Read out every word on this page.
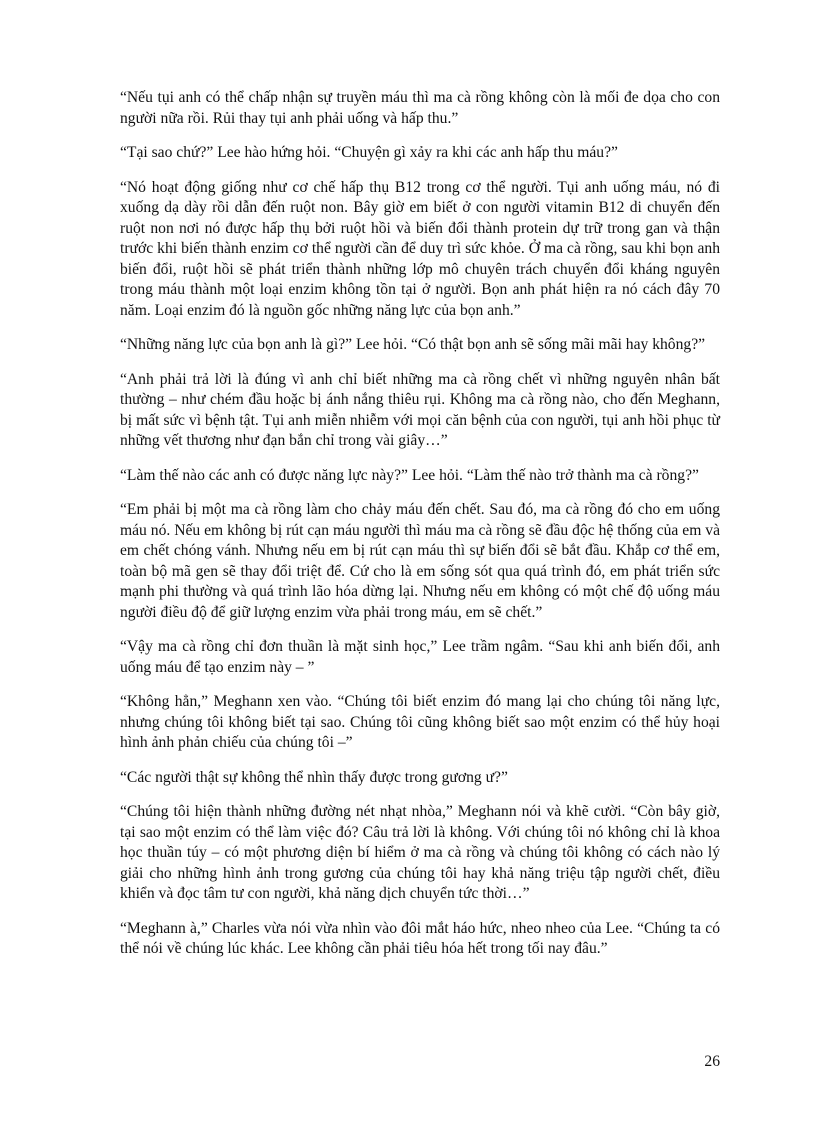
“Nếu tụi anh có thể chấp nhận sự truyền máu thì ma cà rồng không còn là mối đe dọa cho con người nữa rồi. Rủi thay tụi anh phải uống và hấp thu.”

“Tại sao chứ?” Lee hào hứng hỏi. “Chuyện gì xảy ra khi các anh hấp thu máu?”

“Nó hoạt động giống như cơ chế hấp thụ B12 trong cơ thể người. Tụi anh uống máu, nó đi xuống dạ dày rồi dẫn đến ruột non. Bây giờ em biết ở con người vitamin B12 di chuyển đến ruột non nơi nó được hấp thụ bởi ruột hồi và biến đổi thành protein dự trữ trong gan và thận trước khi biến thành enzim cơ thể người cần để duy trì sức khỏe. Ở ma cà rồng, sau khi bọn anh biến đổi, ruột hồi sẽ phát triển thành những lớp mô chuyên trách chuyển đổi kháng nguyên trong máu thành một loại enzim không tồn tại ở người. Bọn anh phát hiện ra nó cách đây 70 năm. Loại enzim đó là nguồn gốc những năng lực của bọn anh.”

“Những năng lực của bọn anh là gì?” Lee hỏi. “Có thật bọn anh sẽ sống mãi mãi hay không?”

“Anh phải trả lời là đúng vì anh chỉ biết những ma cà rồng chết vì những nguyên nhân bất thường – như chém đầu hoặc bị ánh nắng thiêu rụi. Không ma cà rồng nào, cho đến Meghann, bị mất sức vì bệnh tật. Tụi anh miễn nhiễm với mọi căn bệnh của con người, tụi anh hồi phục từ những vết thương như đạn bắn chỉ trong vài giây…”

“Làm thế nào các anh có được năng lực này?” Lee hỏi. “Làm thế nào trở thành ma cà rồng?”

“Em phải bị một ma cà rồng làm cho chảy máu đến chết. Sau đó, ma cà rồng đó cho em uống máu nó. Nếu em không bị rút cạn máu người thì máu ma cà rồng sẽ đầu độc hệ thống của em và em chết chóng vánh. Nhưng nếu em bị rút cạn máu thì sự biến đổi sẽ bắt đầu. Khắp cơ thể em, toàn bộ mã gen sẽ thay đổi triệt để. Cứ cho là em sống sót qua quá trình đó, em phát triển sức mạnh phi thường và quá trình lão hóa dừng lại. Nhưng nếu em không có một chế độ uống máu người điều độ để giữ lượng enzim vừa phải trong máu, em sẽ chết.”

“Vậy ma cà rồng chỉ đơn thuần là mặt sinh học,” Lee trầm ngâm. “Sau khi anh biến đổi, anh uống máu để tạo enzim này – ”

“Không hẳn,” Meghann xen vào. “Chúng tôi biết enzim đó mang lại cho chúng tôi năng lực, nhưng chúng tôi không biết tại sao. Chúng tôi cũng không biết sao một enzim có thể hủy hoại hình ảnh phản chiếu của chúng tôi –”

“Các người thật sự không thể nhìn thấy được trong gương ư?”

“Chúng tôi hiện thành những đường nét nhạt nhòa,” Meghann nói và khẽ cười. “Còn bây giờ, tại sao một enzim có thể làm việc đó? Câu trả lời là không. Với chúng tôi nó không chỉ là khoa học thuần túy – có một phương diện bí hiểm ở ma cà rồng và chúng tôi không có cách nào lý giải cho những hình ảnh trong gương của chúng tôi hay khả năng triệu tập người chết, điều khiển và đọc tâm tư con người, khả năng dịch chuyển tức thời…”

“Meghann à,” Charles vừa nói vừa nhìn vào đôi mắt háo hức, nheo nheo của Lee. “Chúng ta có thể nói về chúng lúc khác. Lee không cần phải tiêu hóa hết trong tối nay đâu.”

26
